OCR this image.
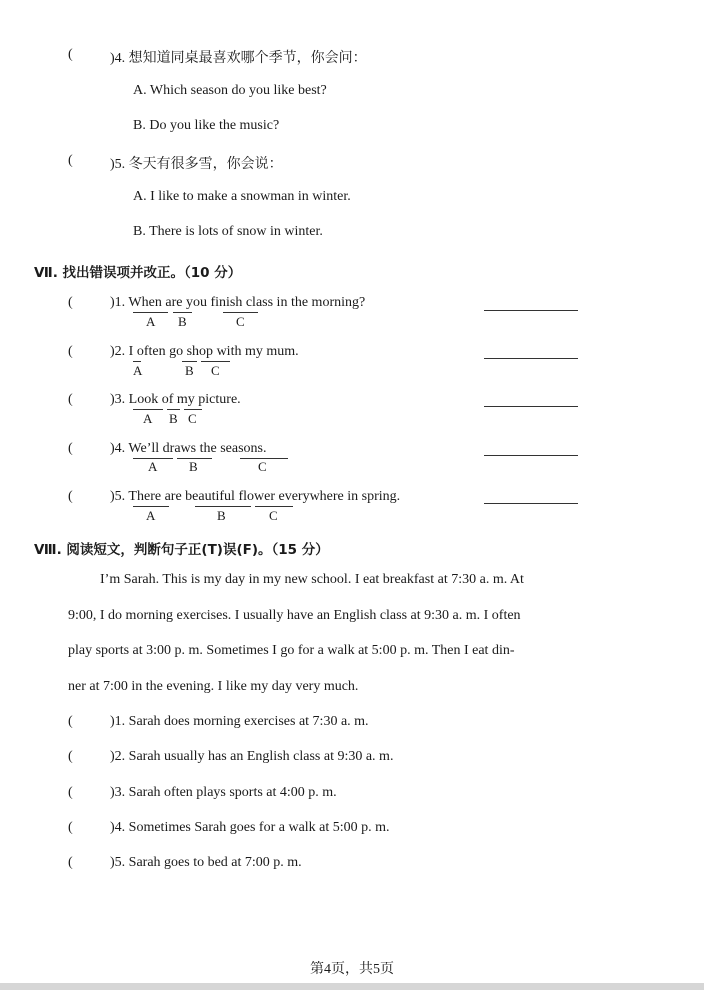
(	)4. 想知道同桌最喜欢哪个季节，你会问：
A. Which season do you like best?
B. Do you like the music?
(	)5. 冬天有很多雪，你会说：
A. I like to make a snowman in winter.
B. There is lots of snow in winter.
Ⅶ. 找出错误项并改正。（10 分）
(	)1. When are you finish class in the morning?
A B	C
(	)2. I often go shop with my mum.
A	B C
(	)3. Look of my picture.
A B C
(	)4. We’ll draws the seasons.
A B	C
(	)5. There are beautiful flower everywhere in spring.
A	B	C
Ⅷ. 阅读短文，判断句子正(T)误(F)。（15 分）
I’m Sarah. This is my day in my new school. I eat breakfast at 7:30 a. m. At
9:00, I do morning exercises. I usually have an English class at 9:30 a. m. I often
play sports at 3:00 p. m. Sometimes I go for a walk at 5:00 p. m. Then I eat din-
ner at 7:00 in the evening. I like my day very much.
(	)1. Sarah does morning exercises at 7:30 a. m.
(	)2. Sarah usually has an English class at 9:30 a. m.
(	)3. Sarah often plays sports at 4:00 p. m.
(	)4. Sometimes Sarah goes for a walk at 5:00 p. m.
(	)5. Sarah goes to bed at 7:00 p. m.
第4页，共5页
